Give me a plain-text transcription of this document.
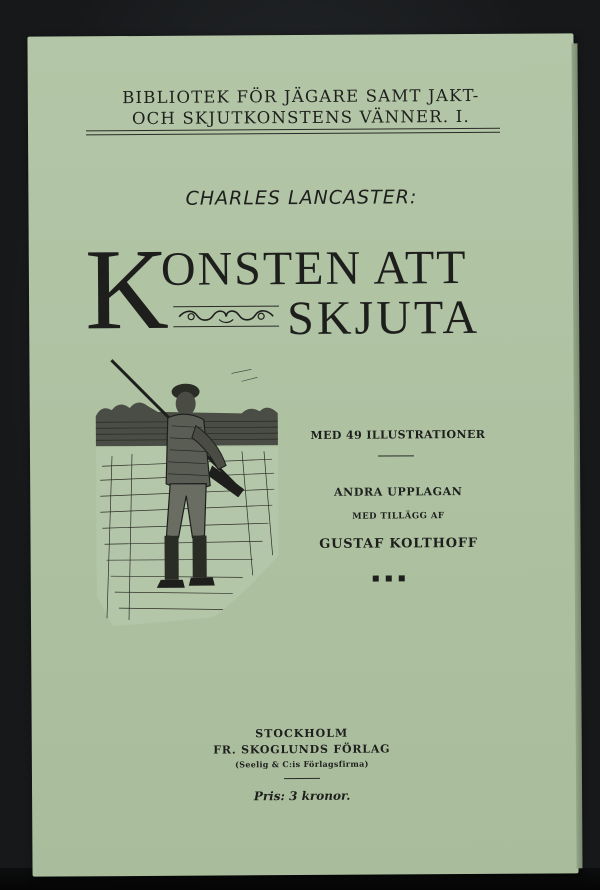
BIBLIOTEK FÖR JÄGARE SAMT JAKT-
OCH SKJUTKONSTENS VÄNNER. I.
CHARLES LANCASTER:
K
ONSTEN ATT
SKJUTA
MED 49 ILLUSTRATIONER
ANDRA UPPLAGAN
MED TILLÄGG AF
GUSTAF KOLTHOFF
STOCKHOLM
FR. SKOGLUNDS FÖRLAG
(Seelig & C:is Förlagsfirma)
Pris: 3 kronor.
